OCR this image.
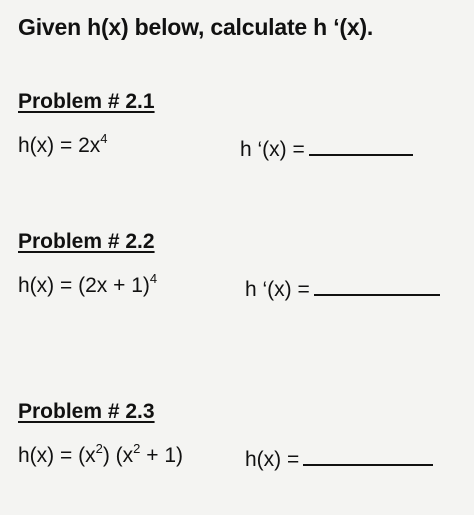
Given h(x) below, calculate h ‘(x).
Problem # 2.1
$h(x) = 2x^4$	h ‘(x) =
Problem # 2.2
$h(x) = (2x + 1)^4$	h ‘(x) =
Problem # 2.3
$h(x) = (x^2) (x^2 + 1)$	h(x) =
